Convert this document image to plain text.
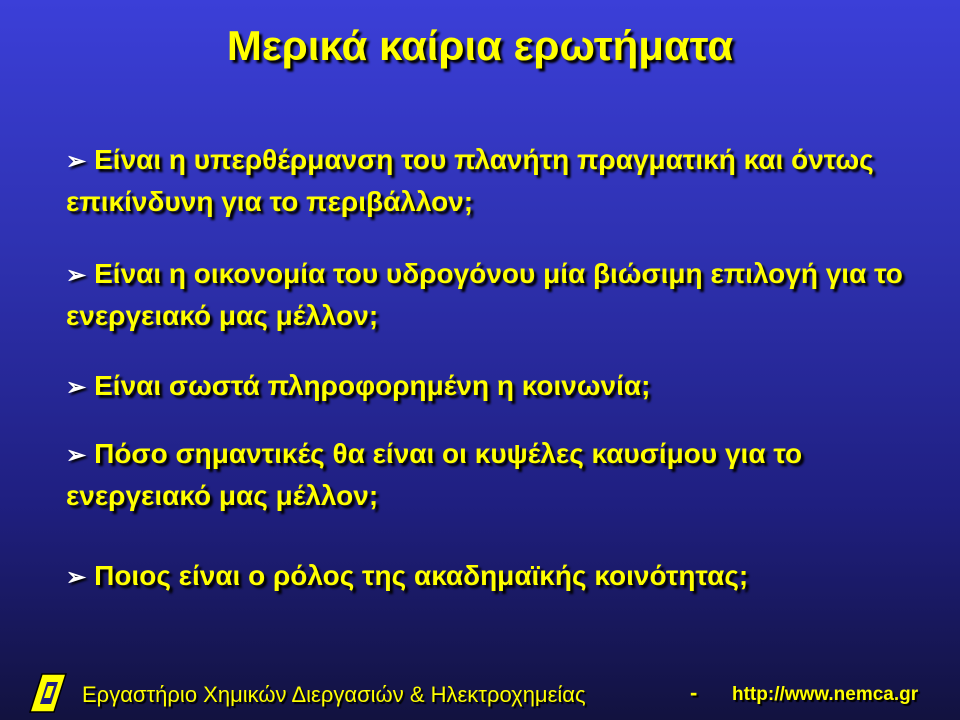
Μερικά καίρια ερωτήματα
➢ Είναι η υπερθέρμανση του πλανήτη πραγματική και όντως επικίνδυνη για το περιβάλλον;
➢ Είναι η οικονομία του υδρογόνου μία βιώσιμη επιλογή για το ενεργειακό μας μέλλον;
➢ Είναι σωστά πληροφορημένη η κοινωνία;
➢ Πόσο σημαντικές θα είναι οι κυψέλες καυσίμου για το ενεργειακό μας μέλλον;
➢ Ποιος είναι ο ρόλος της ακαδημαϊκής κοινότητας;
Εργαστήριο Χημικών Διεργασιών & Ηλεκτροχημείας	- http://www.nemca.gr
